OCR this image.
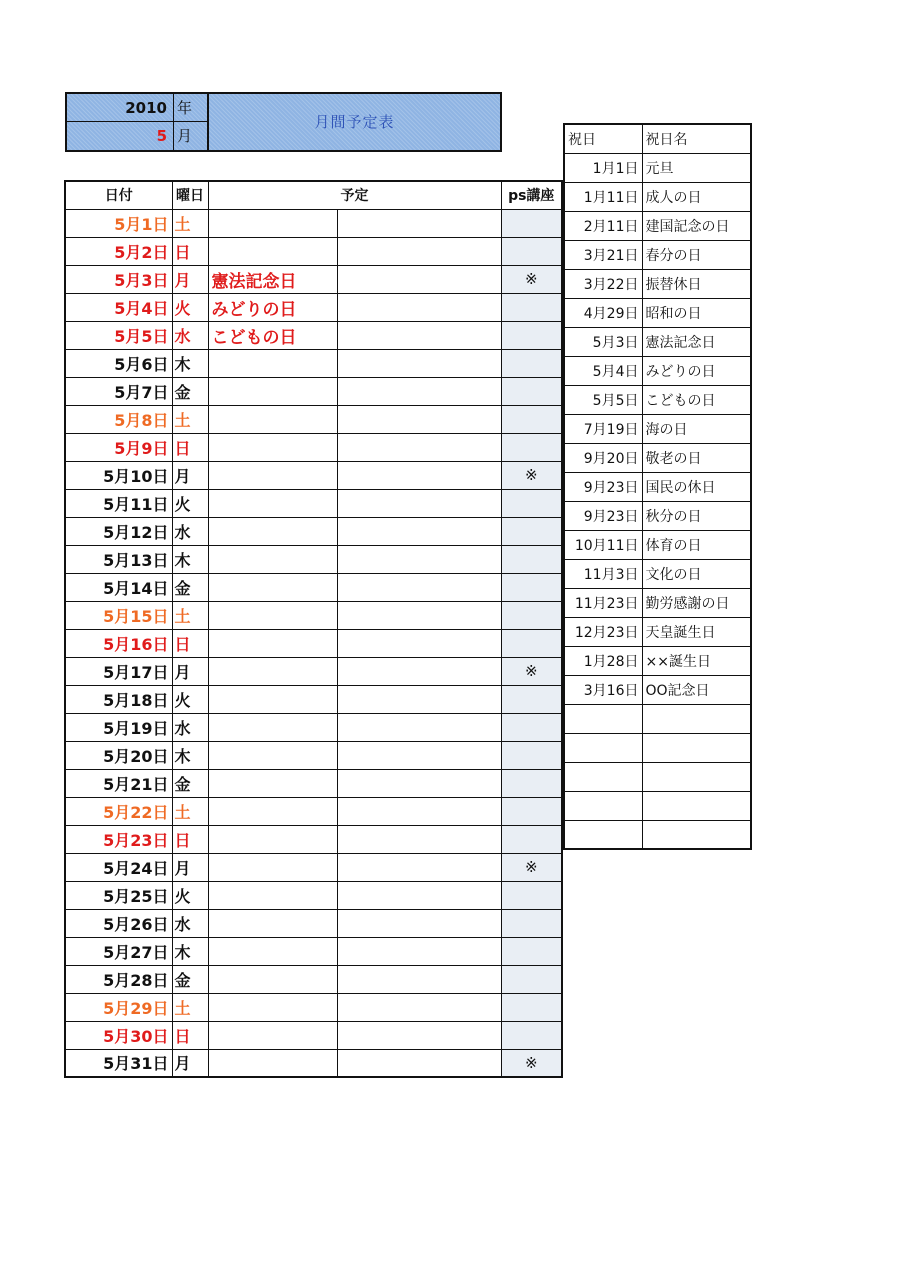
2010 年
5 月
月間予定表
日付	曜日	予定		ps講座
5月1日	土			
5月2日	日			
5月3日	月	憲法記念日		※
5月4日	火	みどりの日		
5月5日	水	こどもの日		
5月6日	木			
5月7日	金			
5月8日	土			
5月9日	日			
5月10日	月			※
5月11日	火			
5月12日	水			
5月13日	木			
5月14日	金			
5月15日	土			
5月16日	日			
5月17日	月			※
5月18日	火			
5月19日	水			
5月20日	木			
5月21日	金			
5月22日	土			
5月23日	日			
5月24日	月			※
5月25日	火			
5月26日	水			
5月27日	木			
5月28日	金			
5月29日	土			
5月30日	日			
5月31日	月			※
祝日	祝日名
1月1日	元旦
1月11日	成人の日
2月11日	建国記念の日
3月21日	春分の日
3月22日	振替休日
4月29日	昭和の日
5月3日	憲法記念日
5月4日	みどりの日
5月5日	こどもの日
7月19日	海の日
9月20日	敬老の日
9月23日	国民の休日
9月23日	秋分の日
10月11日	体育の日
11月3日	文化の日
11月23日	勤労感謝の日
12月23日	天皇誕生日
1月28日	××誕生日
3月16日	OO記念日
